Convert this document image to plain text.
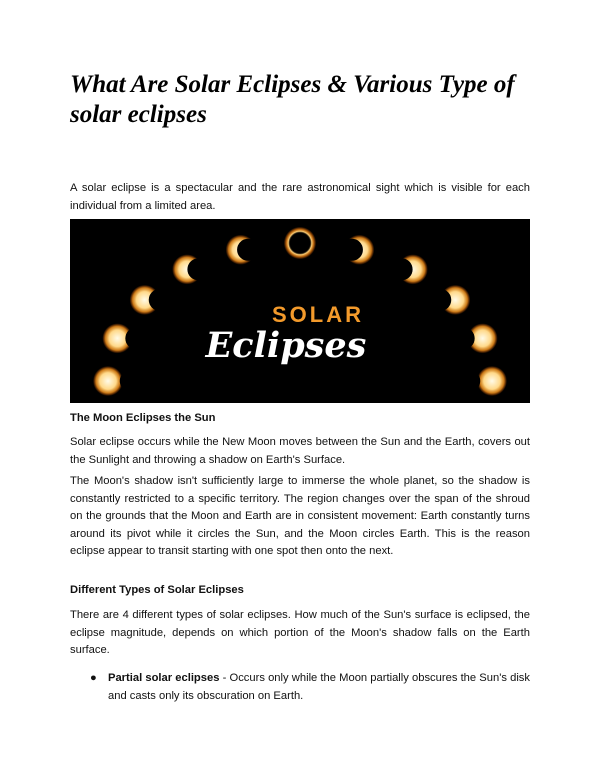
What Are Solar Eclipses & Various Type of solar eclipses

A solar eclipse is a spectacular and the rare astronomical sight which is visible for each individual from a limited area.

SOLAR
Eclipses

The Moon Eclipses the Sun

Solar eclipse occurs while the New Moon moves between the Sun and the Earth, covers out the Sunlight and throwing a shadow on Earth's Surface.

The Moon's shadow isn't sufficiently large to immerse the whole planet, so the shadow is constantly restricted to a specific territory. The region changes over the span of the shroud on the grounds that the Moon and Earth are in consistent movement: Earth constantly turns around its pivot while it circles the Sun, and the Moon circles Earth. This is the reason eclipse appear to transit starting with one spot then onto the next.

Different Types of Solar Eclipses

There are 4 different types of solar eclipses. How much of the Sun's surface is eclipsed, the eclipse magnitude, depends on which portion of the Moon's shadow falls on the Earth surface.

● Partial solar eclipses - Occurs only while the Moon partially obscures the Sun's disk and casts only its obscuration on Earth.
